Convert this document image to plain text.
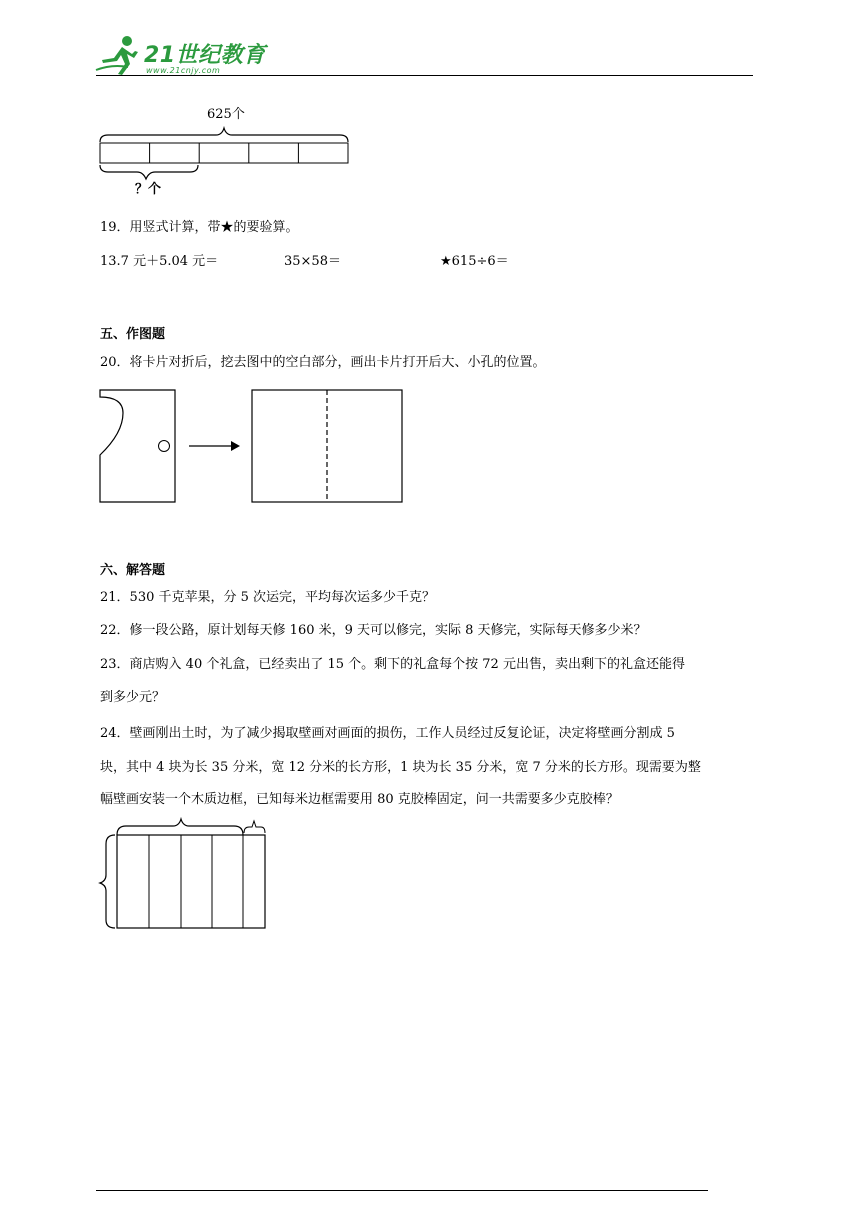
21世纪教育
www.21cnjy.com
625个
？个
19．用竖式计算，带★的要验算。
13.7 元＋5.04 元＝	35×58＝	★615÷6＝
五、作图题
20．将卡片对折后，挖去图中的空白部分，画出卡片打开后大、小孔的位置。
六、解答题
21．530 千克苹果，分 5 次运完，平均每次运多少千克？
22．修一段公路，原计划每天修 160 米，9 天可以修完，实际 8 天修完，实际每天修多少米？
23．商店购入 40 个礼盒，已经卖出了 15 个。剩下的礼盒每个按 72 元出售，卖出剩下的礼盒还能得
到多少元？
24．壁画刚出土时，为了减少揭取壁画对画面的损伤，工作人员经过反复论证，决定将壁画分割成 5
块，其中 4 块为长 35 分米，宽 12 分米的长方形，1 块为长 35 分米，宽 7 分米的长方形。现需要为整
幅壁画安装一个木质边框，已知每米边框需要用 80 克胶棒固定，问一共需要多少克胶棒？
